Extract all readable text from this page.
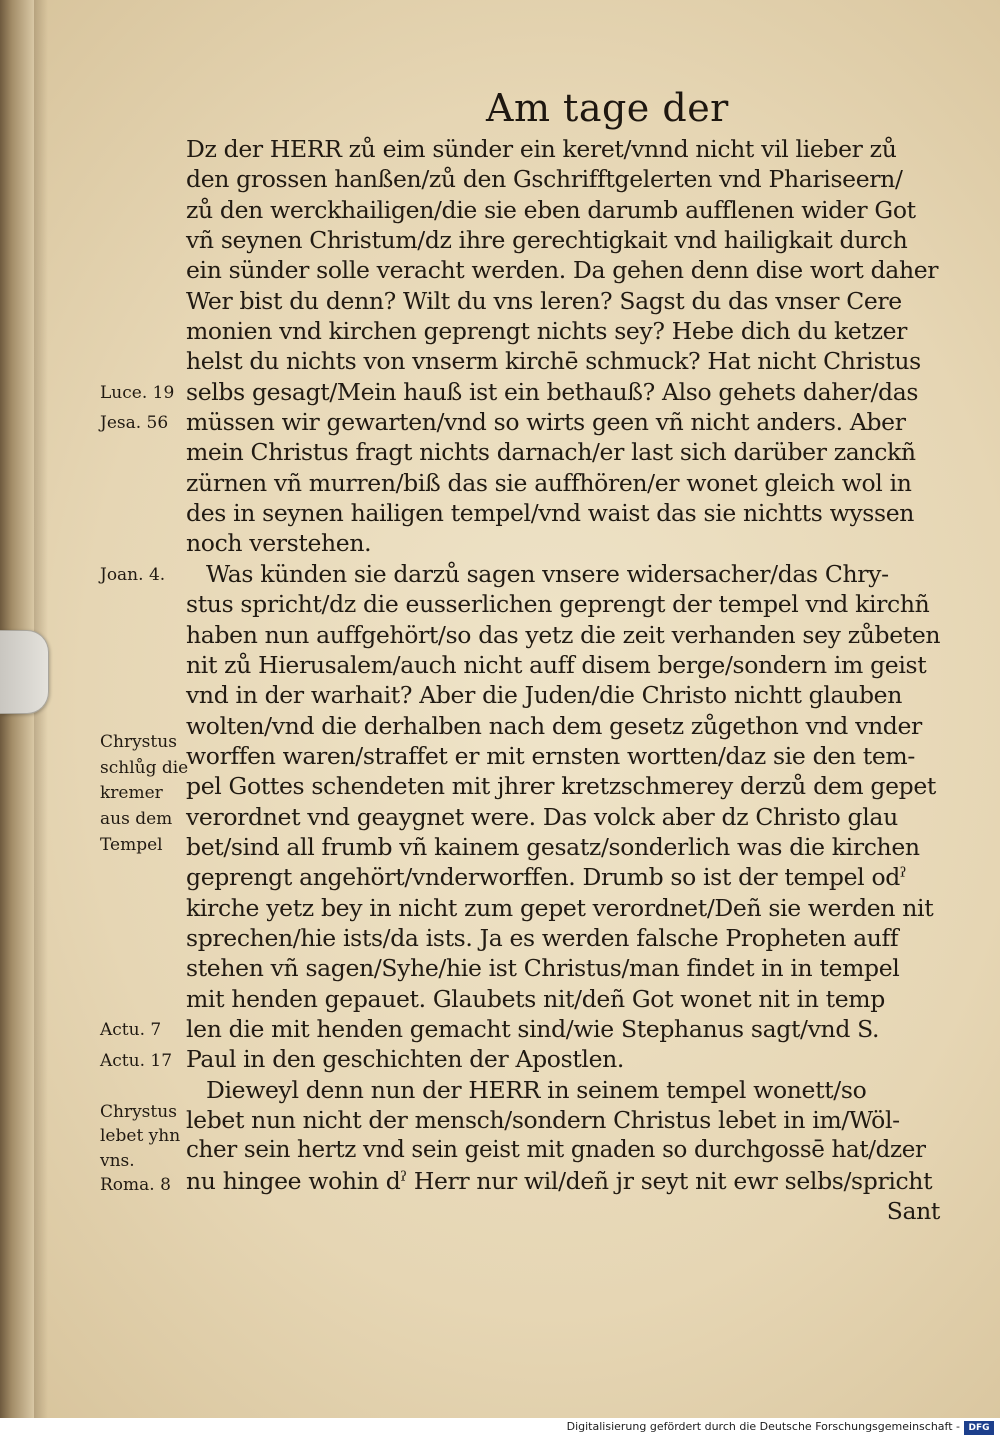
Am tage der
Dz der HERR zů eim sünder ein keret/vnnd nicht vil lieber zů
den grossen hanßen/zů den Gschrifftgelerten vnd Phariseern/
zů den werckhailigen/die sie eben darumb aufflenen wider Got
vñ seynen Christum/dz ihre gerechtigkait vnd hailigkait durch
ein sünder solle veracht werden. Da gehen denn dise wort daher
Wer bist du denn? Wilt du vns leren? Sagst du das vnser Cere
monien vnd kirchen geprengt nichts sey? Hebe dich du ketzer
helst du nichts von vnserm kirchē schmuck? Hat nicht Christus
selbs gesagt/Mein hauß ist ein bethauß? Also gehets daher/das
müssen wir gewarten/vnd so wirts geen vñ nicht anders. Aber
mein Christus fragt nichts darnach/er last sich darüber zanckñ
zürnen vñ murren/biß das sie auffhören/er wonet gleich wol in
des in seynen hailigen tempel/vnd waist das sie nichtts wyssen
noch verstehen.
Was künden sie darzů sagen vnsere widersacher/das Chry-
stus spricht/dz die eusserlichen geprengt der tempel vnd kirchñ
haben nun auffgehört/so das yetz die zeit verhanden sey zůbeten
nit zů Hierusalem/auch nicht auff disem berge/sondern im geist
vnd in der warhait? Aber die Juden/die Christo nichtt glauben
wolten/vnd die derhalben nach dem gesetz zůgethon vnd vnder
worffen waren/straffet er mit ernsten wortten/daz sie den tem-
pel Gottes schendeten mit jhrer kretzschmerey derzů dem gepet
verordnet vnd geaygnet were. Das volck aber dz Christo glau
bet/sind all frumb vñ kainem gesatz/sonderlich was die kirchen
geprengt angehört/vnderworffen. Drumb so ist der tempel odˀ
kirche yetz bey in nicht zum gepet verordnet/Deñ sie werden nit
sprechen/hie ists/da ists. Ja es werden falsche Propheten auff
stehen vñ sagen/Syhe/hie ist Christus/man findet in in tempel
mit henden gepauet. Glaubets nit/deñ Got wonet nit in temp
len die mit henden gemacht sind/wie Stephanus sagt/vnd S.
Paul in den geschichten der Apostlen.
Dieweyl denn nun der HERR in seinem tempel wonett/so
lebet nun nicht der mensch/sondern Christus lebet in im/Wöl-
cher sein hertz vnd sein geist mit gnaden so durchgossē hat/dzer
nu hingee wohin dˀ Herr nur wil/deñ jr seyt nit ewr selbs/spricht
Sant
Luce. 19
Jesa. 56
Joan. 4.
Chrystus
schlůg die
kremer
aus dem
Tempel
Actu. 7
Actu. 17
Chrystus
lebet yhn
vns.
Roma. 8
Digitalisierung gefördert durch die Deutsche Forschungsgemeinschaft - DFG
